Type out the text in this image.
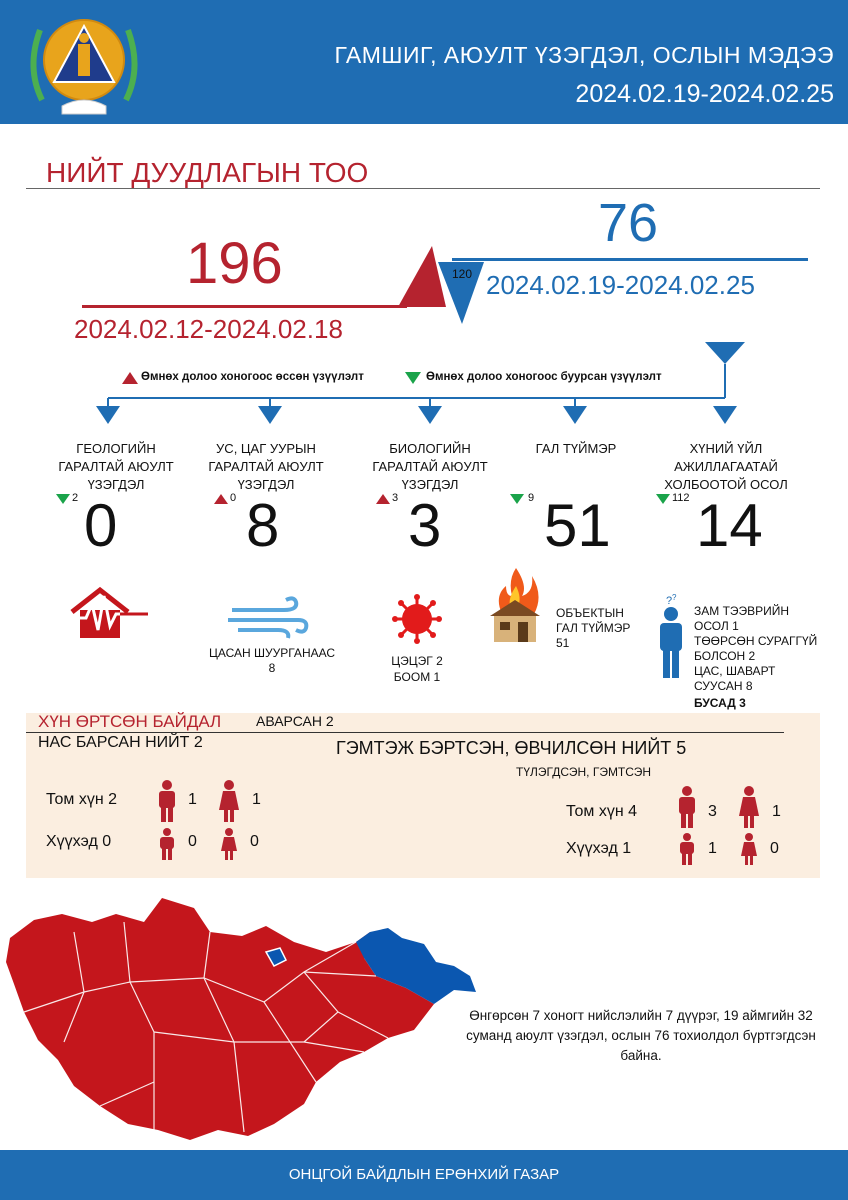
ГАМШИГ, АЮУЛТ ҮЗЭГДЭЛ, ОСЛЫН МЭДЭЭ
2024.02.19-2024.02.25
НИЙТ ДУУДЛАГЫН ТОО
196
2024.02.12-2024.02.18
76
2024.02.19-2024.02.25
120
Өмнөх долоо хоногоос өссөн үзүүлэлт	Өмнөх долоо хоногоос буурсан үзүүлэлт
ГЕОЛОГИЙН ГАРАЛТАЙ АЮУЛТ ҮЗЭГДЭЛ
2 0
УС, ЦАГ УУРЫН ГАРАЛТАЙ АЮУЛТ ҮЗЭГДЭЛ
0 8
ЦАСАН ШУУРГАНААС
8
БИОЛОГИЙН ГАРАЛТАЙ АЮУЛТ ҮЗЭГДЭЛ
3 3
ЦЭЦЭГ 2
БООМ 1
ГАЛ ТҮЙМЭР
9 51
ОБЪЕКТЫН
ГАЛ ТҮЙМЭР
51
ХҮНИЙ ҮЙЛ АЖИЛЛАГААТАЙ ХОЛБООТОЙ ОСОЛ
112 14
? ?
ЗАМ ТЭЭВРИЙН
ОСОЛ 1
ТӨӨРСӨН СУРАГГҮЙ
БОЛСОН 2
ЦАС, ШАВАРТ
СУУСАН 8
БУСАД 3
ХҮН ӨРТСӨН БАЙДАЛ АВАРСАН 2
НАС БАРСАН НИЙТ 2	ГЭМТЭЖ БЭРТСЭН, ӨВЧИЛСӨН НИЙТ 5
ТҮЛЭГДСЭН, ГЭМТСЭН
Том хүн 2	1	1
Хүүхэд 0	0	0
Том хүн 4	3	1
Хүүхэд 1	1	0
Өнгөрсөн 7 хоногт нийслэлийн 7 дүүрэг, 19 аймгийн 32 суманд аюулт үзэгдэл, ослын 76 тохиолдол бүртгэгдсэн байна.
ОНЦГОЙ БАЙДЛЫН ЕРӨНХИЙ ГАЗАР
